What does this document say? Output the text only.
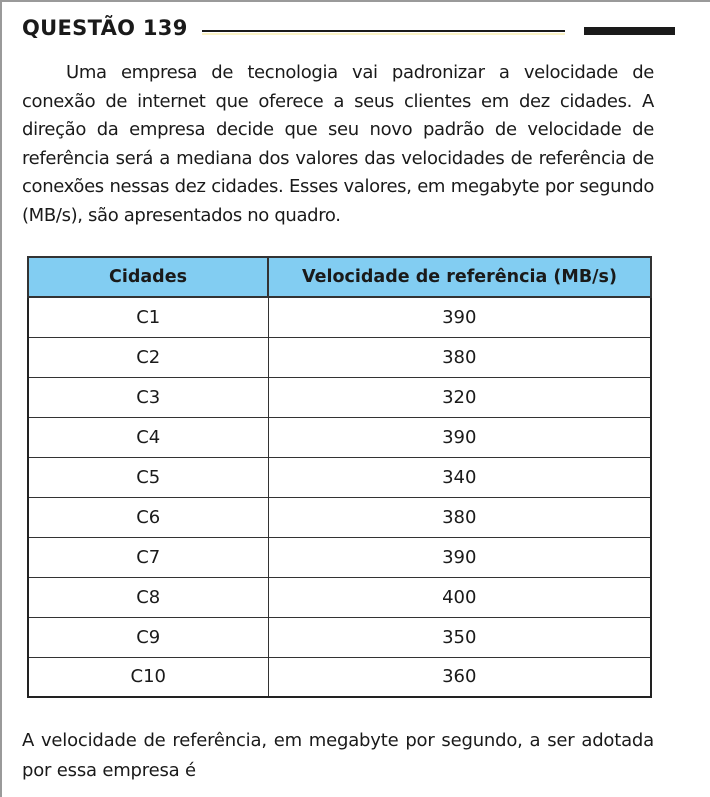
QUESTÃO 139

Uma empresa de tecnologia vai padronizar a velocidade de conexão de internet que oferece a seus clientes em dez cidades. A direção da empresa decide que seu novo padrão de velocidade de referência será a mediana dos valores das velocidades de referência de conexões nessas dez cidades. Esses valores, em megabyte por segundo (MB/s), são apresentados no quadro.

Cidades	Velocidade de referência (MB/s)
C1	390
C2	380
C3	320
C4	390
C5	340
C6	380
C7	390
C8	400
C9	350
C10	360

A velocidade de referência, em megabyte por segundo, a ser adotada por essa empresa é
